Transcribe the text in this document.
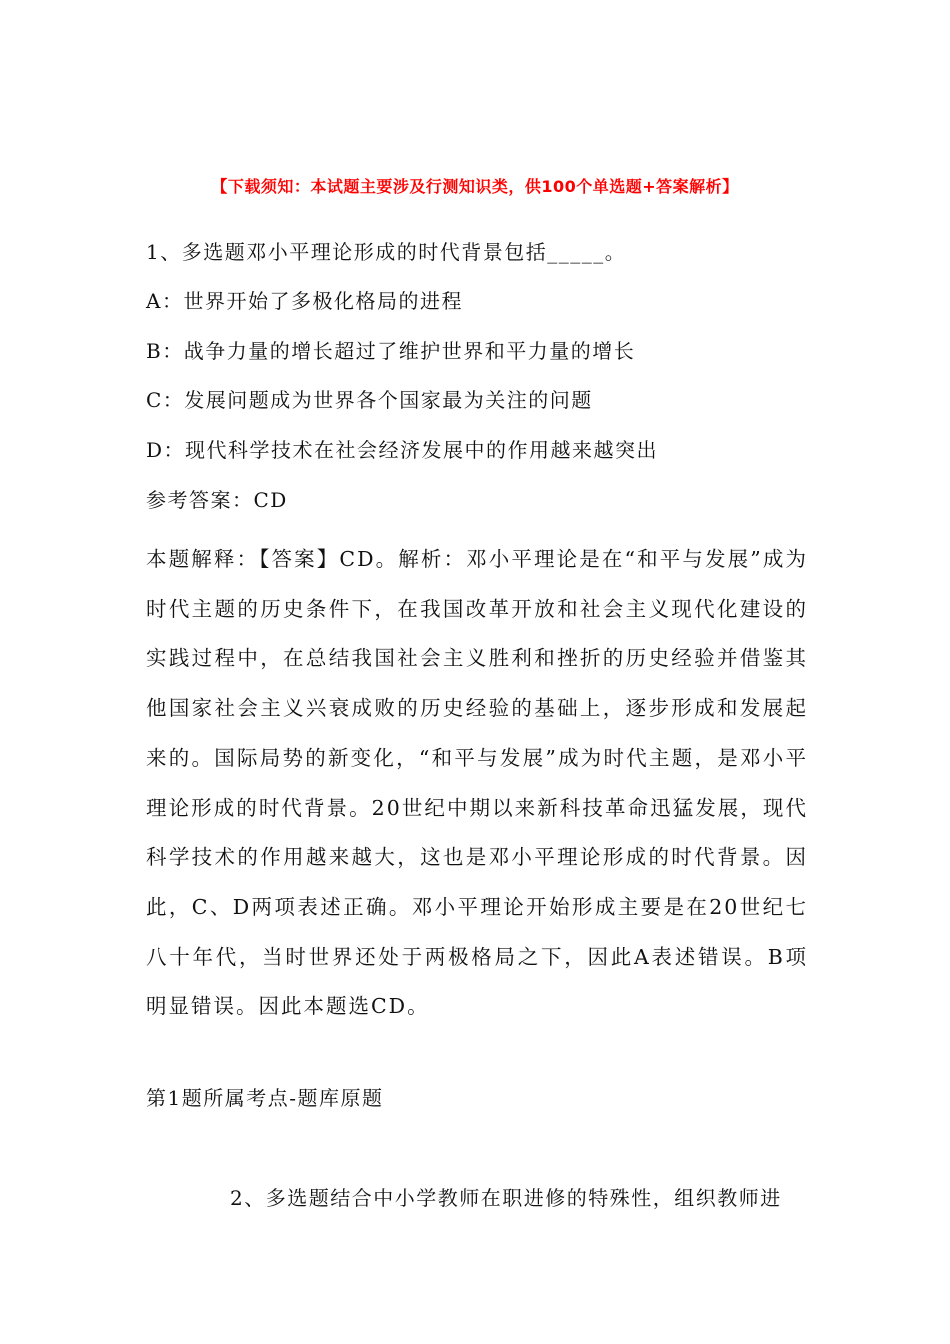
【下载须知：本试题主要涉及行测知识类，供100个单选题+答案解析】
1、多选题邓小平理论形成的时代背景包括_____。
A：世界开始了多极化格局的进程
B：战争力量的增长超过了维护世界和平力量的增长
C：发展问题成为世界各个国家最为关注的问题
D：现代科学技术在社会经济发展中的作用越来越突出
参考答案：CD
本题解释：【答案】CD。解析：邓小平理论是在“和平与发展”成为时代主题的历史条件下，在我国改革开放和社会主义现代化建设的实践过程中，在总结我国社会主义胜利和挫折的历史经验并借鉴其他国家社会主义兴衰成败的历史经验的基础上，逐步形成和发展起来的。国际局势的新变化，“和平与发展”成为时代主题，是邓小平理论形成的时代背景。20世纪中期以来新科技革命迅猛发展，现代科学技术的作用越来越大，这也是邓小平理论形成的时代背景。因此，C、D两项表述正确。邓小平理论开始形成主要是在20世纪七八十年代，当时世界还处于两极格局之下，因此A表述错误。B项明显错误。因此本题选CD。
第1题所属考点-题库原题
2、多选题结合中小学教师在职进修的特殊性，组织教师进
